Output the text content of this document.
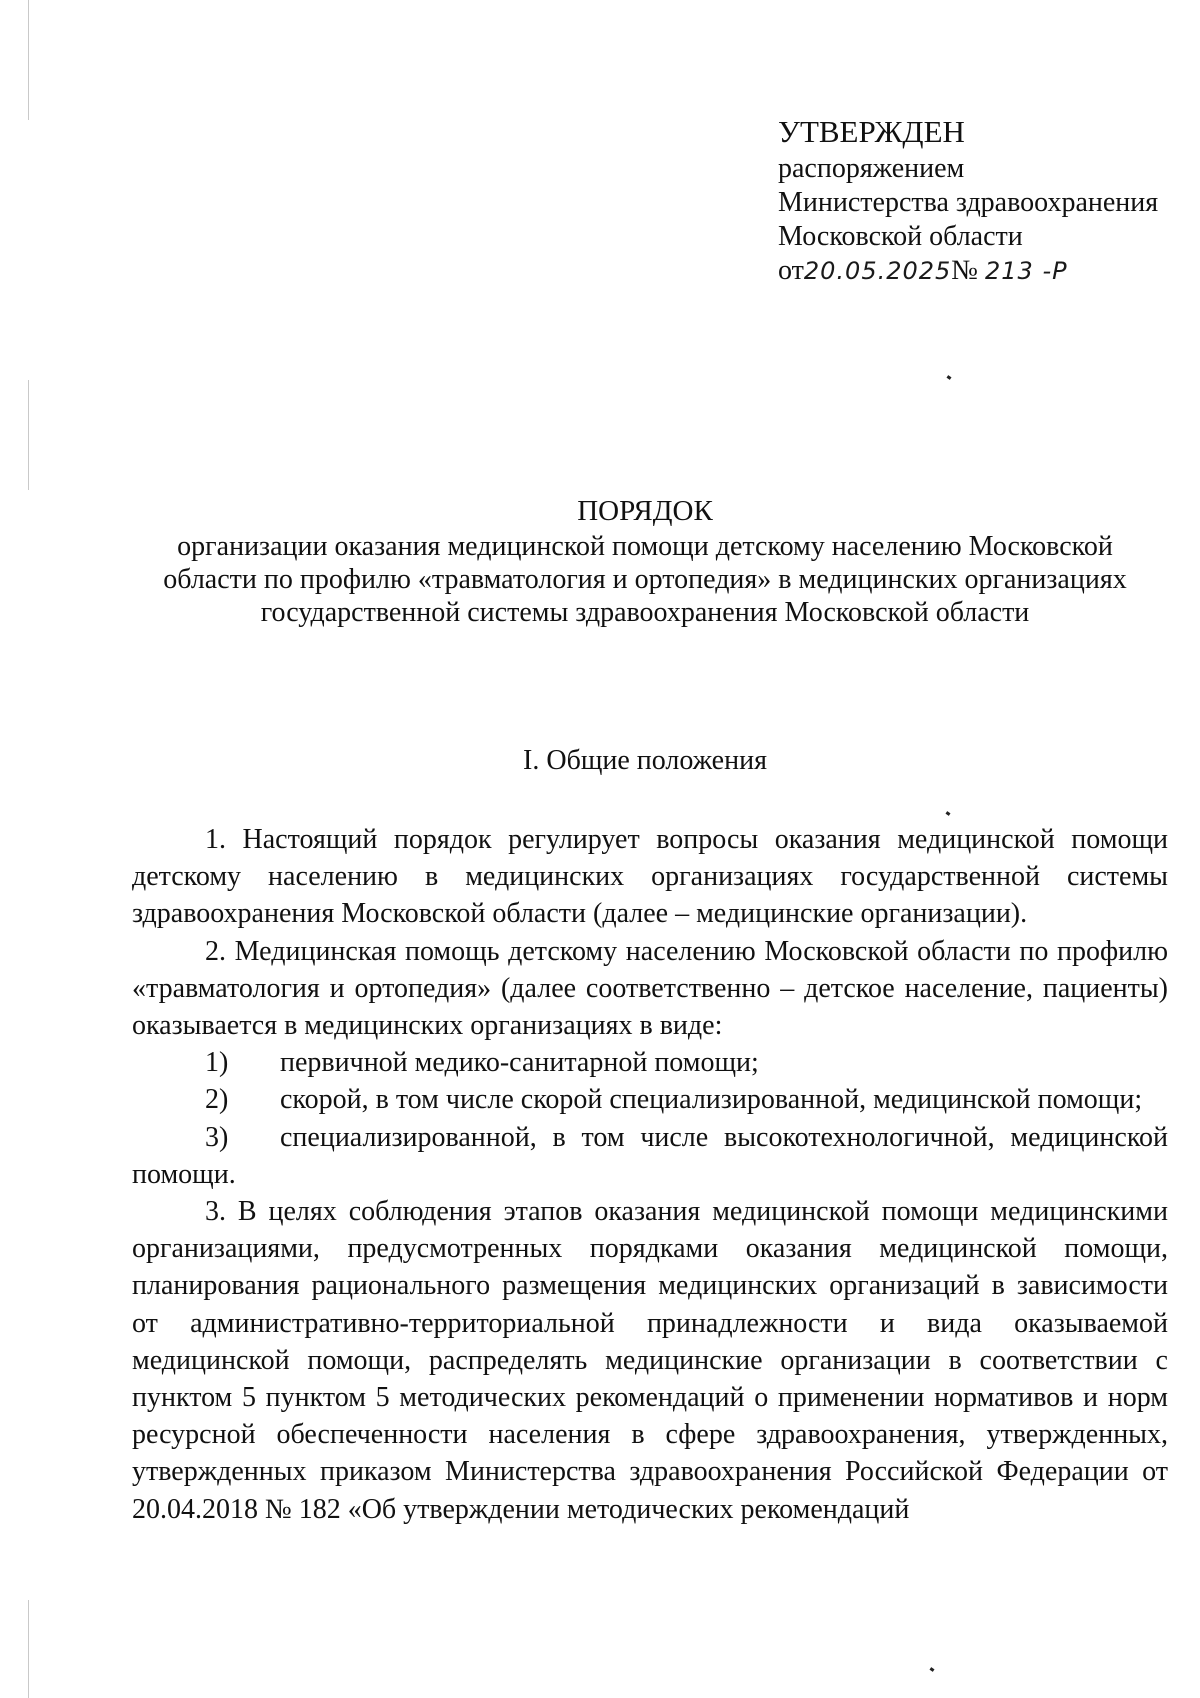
УТВЕРЖДЕН
распоряжением
Министерства здравоохранения
Московской области
от20.05.2025№ 213 -Р
ПОРЯДОК
организации оказания медицинской помощи детскому населению Московской
области по профилю «травматология и ортопедия» в медицинских организациях
государственной системы здравоохранения Московской области
I. Общие положения

1. Настоящий порядок регулирует вопросы оказания медицинской помощи детскому населению в медицинских организациях государственной системы здравоохранения Московской области (далее – медицинские организации).

2. Медицинская помощь детскому населению Московской области по профилю «травматология и ортопедия» (далее соответственно – детское население, пациенты) оказывается в медицинских организациях в виде:

1)	первичной медико-санитарной помощи;
2)	скорой, в том числе скорой специализированной, медицинской помощи;

3) специализированной, в том числе высокотехнологичной, медицинской помощи.

3. В целях соблюдения этапов оказания медицинской помощи медицинскими организациями, предусмотренных порядками оказания медицинской помощи, планирования рационального размещения медицинских организаций в зависимости от административно-территориальной принадлежности и вида оказываемой медицинской помощи, распределять медицинские организации в соответствии с пунктом 5 пунктом 5 методических рекомендаций о применении нормативов и норм ресурсной обеспеченности населения в сфере здравоохранения, утвержденных, утвержденных приказом Министерства здравоохранения Российской Федерации от 20.04.2018 № 182 «Об утверждении методических рекомендаций
